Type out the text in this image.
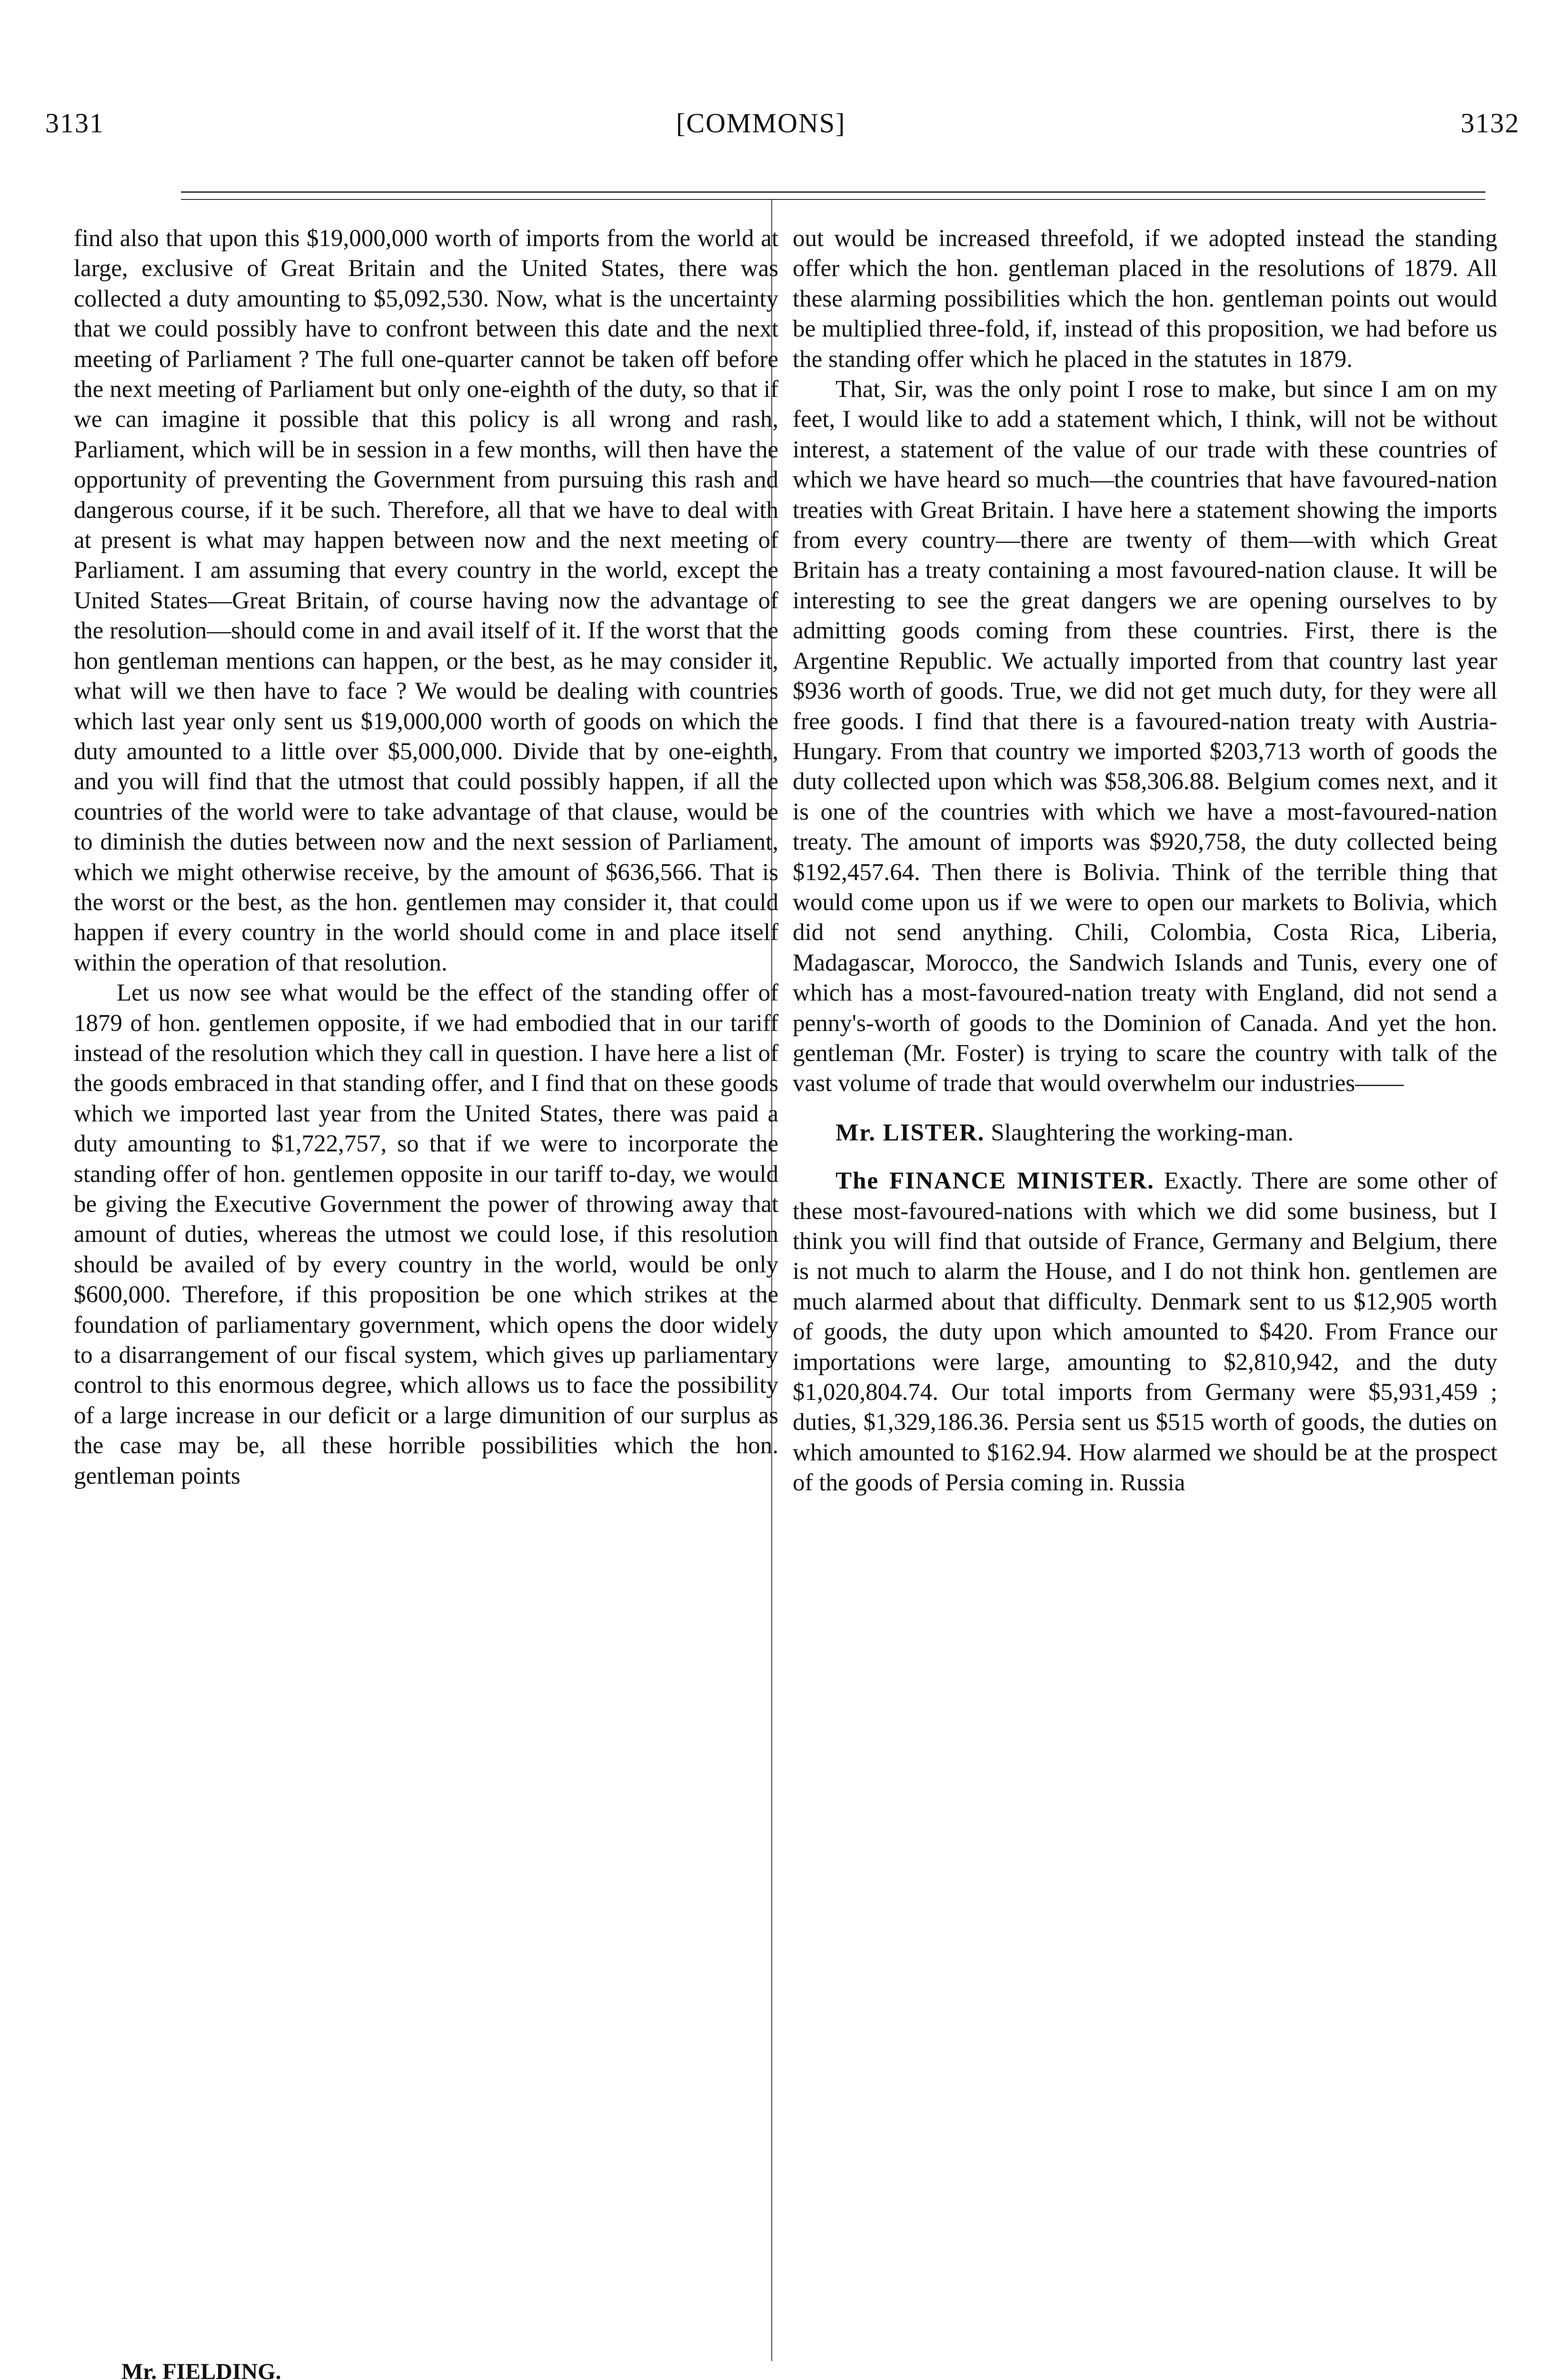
3131	[COMMONS]	3132

find also that upon this $19,000,000 worth of imports from the world at large, exclusive of Great Britain and the United States, there was collected a duty amounting to $5,092,530. Now, what is the uncertainty that we could possibly have to confront between this date and the next meeting of Parliament ? The full one-quarter cannot be taken off before the next meeting of Parliament but only one-eighth of the duty, so that if we can imagine it possible that this policy is all wrong and rash, Parliament, which will be in session in a few months, will then have the opportunity of preventing the Government from pursuing this rash and dangerous course, if it be such. Therefore, all that we have to deal with at present is what may happen between now and the next meeting of Parliament. I am assuming that every country in the world, except the United States—Great Britain, of course having now the advantage of the resolution—should come in and avail itself of it. If the worst that the hon gentleman mentions can happen, or the best, as he may consider it, what will we then have to face ? We would be dealing with countries which last year only sent us $19,000,000 worth of goods on which the duty amounted to a little over $5,000,000. Divide that by one-eighth, and you will find that the utmost that could possibly happen, if all the countries of the world were to take advantage of that clause, would be to diminish the duties between now and the next session of Parliament, which we might otherwise receive, by the amount of $636,566. That is the worst or the best, as the hon. gentlemen may consider it, that could happen if every country in the world should come in and place itself within the operation of that resolution.

Let us now see what would be the effect of the standing offer of 1879 of hon. gentlemen opposite, if we had embodied that in our tariff instead of the resolution which they call in question. I have here a list of the goods embraced in that standing offer, and I find that on these goods which we imported last year from the United States, there was paid a duty amounting to $1,722,757, so that if we were to incorporate the standing offer of hon. gentlemen opposite in our tariff to-day, we would be giving the Executive Government the power of throwing away that amount of duties, whereas the utmost we could lose, if this resolution should be availed of by every country in the world, would be only $600,000. Therefore, if this proposition be one which strikes at the foundation of parliamentary government, which opens the door widely to a disarrangement of our fiscal system, which gives up parliamentary control to this enormous degree, which allows us to face the possibility of a large increase in our deficit or a large dimunition of our surplus as the case may be, all these horrible possibilities which the hon. gentleman points

out would be increased threefold, if we adopted instead the standing offer which the hon. gentleman placed in the resolutions of 1879. All these alarming possibilities which the hon. gentleman points out would be multiplied three-fold, if, instead of this proposition, we had before us the standing offer which he placed in the statutes in 1879.

That, Sir, was the only point I rose to make, but since I am on my feet, I would like to add a statement which, I think, will not be without interest, a statement of the value of our trade with these countries of which we have heard so much—the countries that have favoured-nation treaties with Great Britain. I have here a statement showing the imports from every country—there are twenty of them—with which Great Britain has a treaty containing a most favoured-nation clause. It will be interesting to see the great dangers we are opening ourselves to by admitting goods coming from these countries. First, there is the Argentine Republic. We actually imported from that country last year $936 worth of goods. True, we did not get much duty, for they were all free goods. I find that there is a favoured-nation treaty with Austria-Hungary. From that country we imported $203,713 worth of goods the duty collected upon which was $58,306.88. Belgium comes next, and it is one of the countries with which we have a most-favoured-nation treaty. The amount of imports was $920,758, the duty collected being $192,457.64. Then there is Bolivia. Think of the terrible thing that would come upon us if we were to open our markets to Bolivia, which did not send anything. Chili, Colombia, Costa Rica, Liberia, Madagascar, Morocco, the Sandwich Islands and Tunis, every one of which has a most-favoured-nation treaty with England, did not send a penny's-worth of goods to the Dominion of Canada. And yet the hon. gentleman (Mr. Foster) is trying to scare the country with talk of the vast volume of trade that would overwhelm our industries——

Mr. LISTER. Slaughtering the working-man.

The FINANCE MINISTER. Exactly. There are some other of these most-favoured-nations with which we did some business, but I think you will find that outside of France, Germany and Belgium, there is not much to alarm the House, and I do not think hon. gentlemen are much alarmed about that difficulty. Denmark sent to us $12,905 worth of goods, the duty upon which amounted to $420. From France our importations were large, amounting to $2,810,942, and the duty $1,020,804.74. Our total imports from Germany were $5,931,459 ; duties, $1,329,186.36. Persia sent us $515 worth of goods, the duties on which amounted to $162.94. How alarmed we should be at the prospect of the goods of Persia coming in. Russia

Mr. FIELDING.
